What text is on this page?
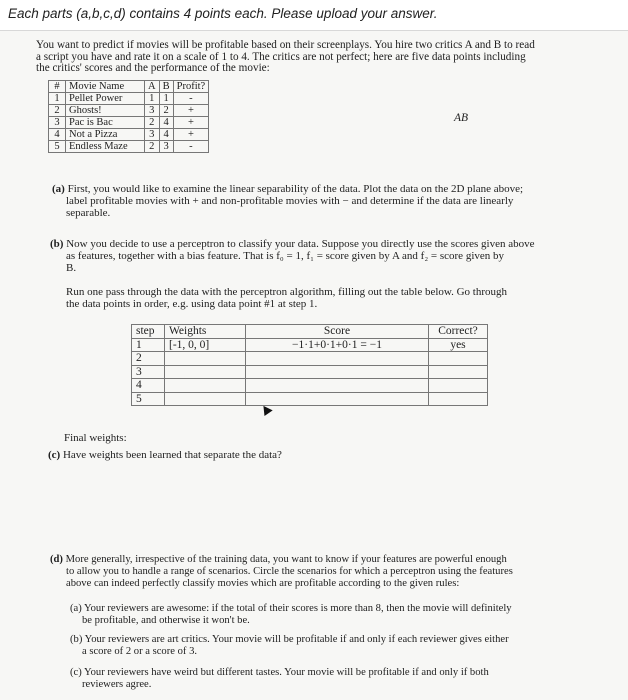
Each parts (a,b,c,d) contains 4 points each. Please upload your answer.
You want to predict if movies will be profitable based on their screenplays. You hire two critics A and B to read
a script you have and rate it on a scale of 1 to 4. The critics are not perfect; here are five data points including
the critics' scores and the performance of the movie:
#	Movie Name	A	B	Profit?
1	Pellet Power	1	1	-
2	Ghosts!	3	2	+
3	Pac is Bac	2	4	+
4	Not a Pizza	3	4	+
5	Endless Maze	2	3	-
AB
(a) First, you would like to examine the linear separability of the data. Plot the data on the 2D plane above;
label profitable movies with + and non-profitable movies with − and determine if the data are linearly
separable.
(b) Now you decide to use a perceptron to classify your data. Suppose you directly use the scores given above
as features, together with a bias feature. That is f₀ = 1, f₁ = score given by A and f₂ = score given by
B.
Run one pass through the data with the perceptron algorithm, filling out the table below. Go through
the data points in order, e.g. using data point #1 at step 1.
step	Weights	Score	Correct?
1	[-1, 0, 0]	−1·1+0·1+0·1 = −1	yes
2			
3			
4			
5			
Final weights:
(c) Have weights been learned that separate the data?
(d) More generally, irrespective of the training data, you want to know if your features are powerful enough
to allow you to handle a range of scenarios. Circle the scenarios for which a perceptron using the features
above can indeed perfectly classify movies which are profitable according to the given rules:
(a) Your reviewers are awesome: if the total of their scores is more than 8, then the movie will definitely
be profitable, and otherwise it won't be.
(b) Your reviewers are art critics. Your movie will be profitable if and only if each reviewer gives either
a score of 2 or a score of 3.
(c) Your reviewers have weird but different tastes. Your movie will be profitable if and only if both
reviewers agree.
